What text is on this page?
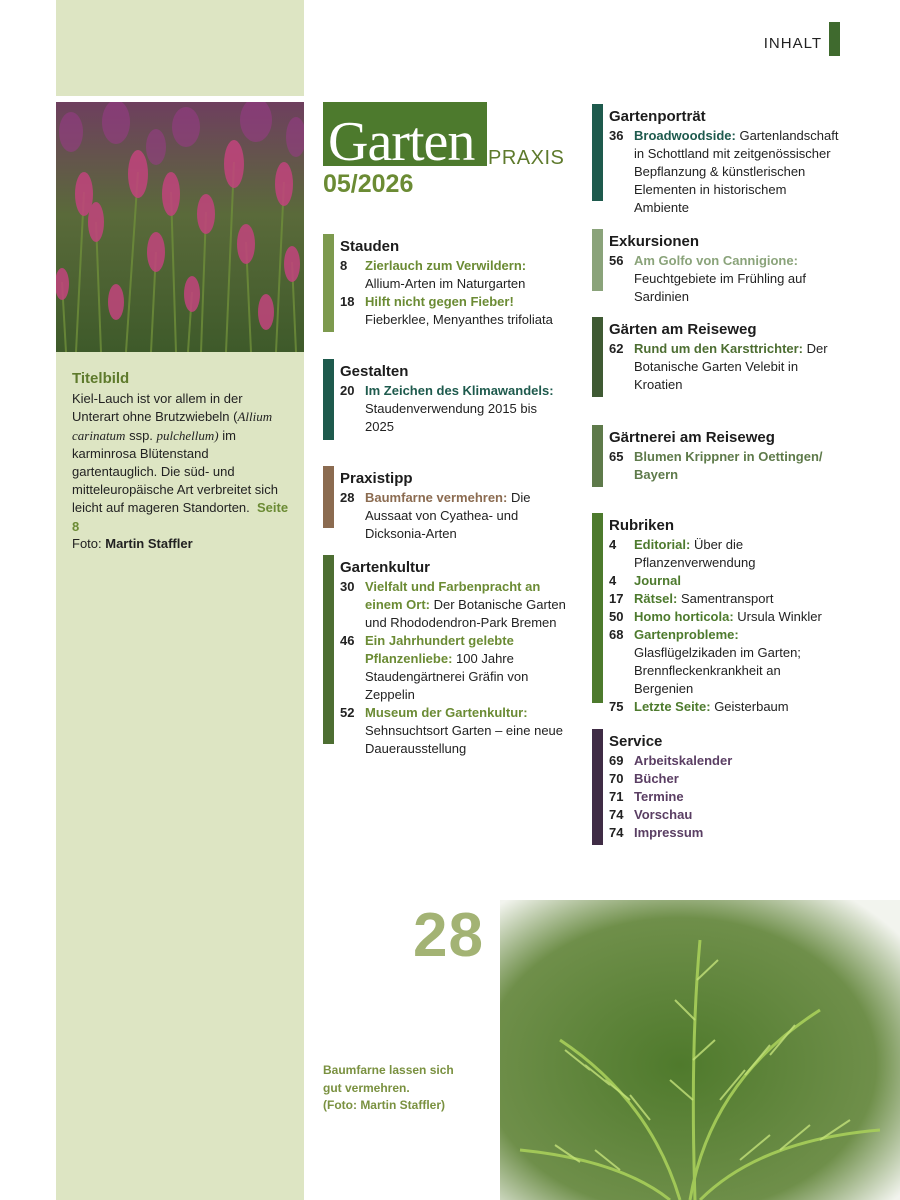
Titelbild
Kiel-Lauch ist vor allem in der Unterart ohne Brutzwiebeln (Allium carinatum ssp. pulchellum) im karminrosa Blütenstand gartentauglich. Die süd- und mitteleuropäische Art verbreitet sich leicht auf mageren Standorten. Seite 8
Foto: Martin Staffler
INHALT
Garten PRAXIS
05/2026
Stauden
8 Zierlauch zum Verwildern: Allium-Arten im Naturgarten
18 Hilft nicht gegen Fieber! Fieberklee, Menyanthes trifoliata
Gestalten
20 Im Zeichen des Klimawandels: Staudenverwendung 2015 bis 2025
Praxistipp
28 Baumfarne vermehren: Die Aussaat von Cyathea- und Dicksonia-Arten
Gartenkultur
30 Vielfalt und Farbenpracht an einem Ort: Der Botanische Garten und Rhododendron-Park Bremen
46 Ein Jahrhundert gelebte Pflanzenliebe: 100 Jahre Staudengärtnerei Gräfin von Zeppelin
52 Museum der Gartenkultur: Sehnsuchtsort Garten – eine neue Dauerausstellung
Gartenporträt
36 Broadwoodside: Gartenlandschaft in Schottland mit zeitgenössischer Bepflanzung & künstlerischen Elementen in historischem Ambiente
Exkursionen
56 Am Golfo von Cannigione: Feuchtgebiete im Frühling auf Sardinien
Gärten am Reiseweg
62 Rund um den Karsttrichter: Der Botanische Garten Velebit in Kroatien
Gärtnerei am Reiseweg
65 Blumen Krippner in Oettingen/ Bayern
Rubriken
4 Editorial: Über die Pflanzenverwendung
4 Journal
17 Rätsel: Samentransport
50 Homo horticola: Ursula Winkler
68 Gartenprobleme: Glasflügelzikaden im Garten; Brennfleckenkrankheit an Bergenien
75 Letzte Seite: Geisterbaum
Service
69 Arbeitskalender
70 Bücher
71 Termine
74 Vorschau
74 Impressum
28
Baumfarne lassen sich
gut vermehren.
(Foto: Martin Staffler)
